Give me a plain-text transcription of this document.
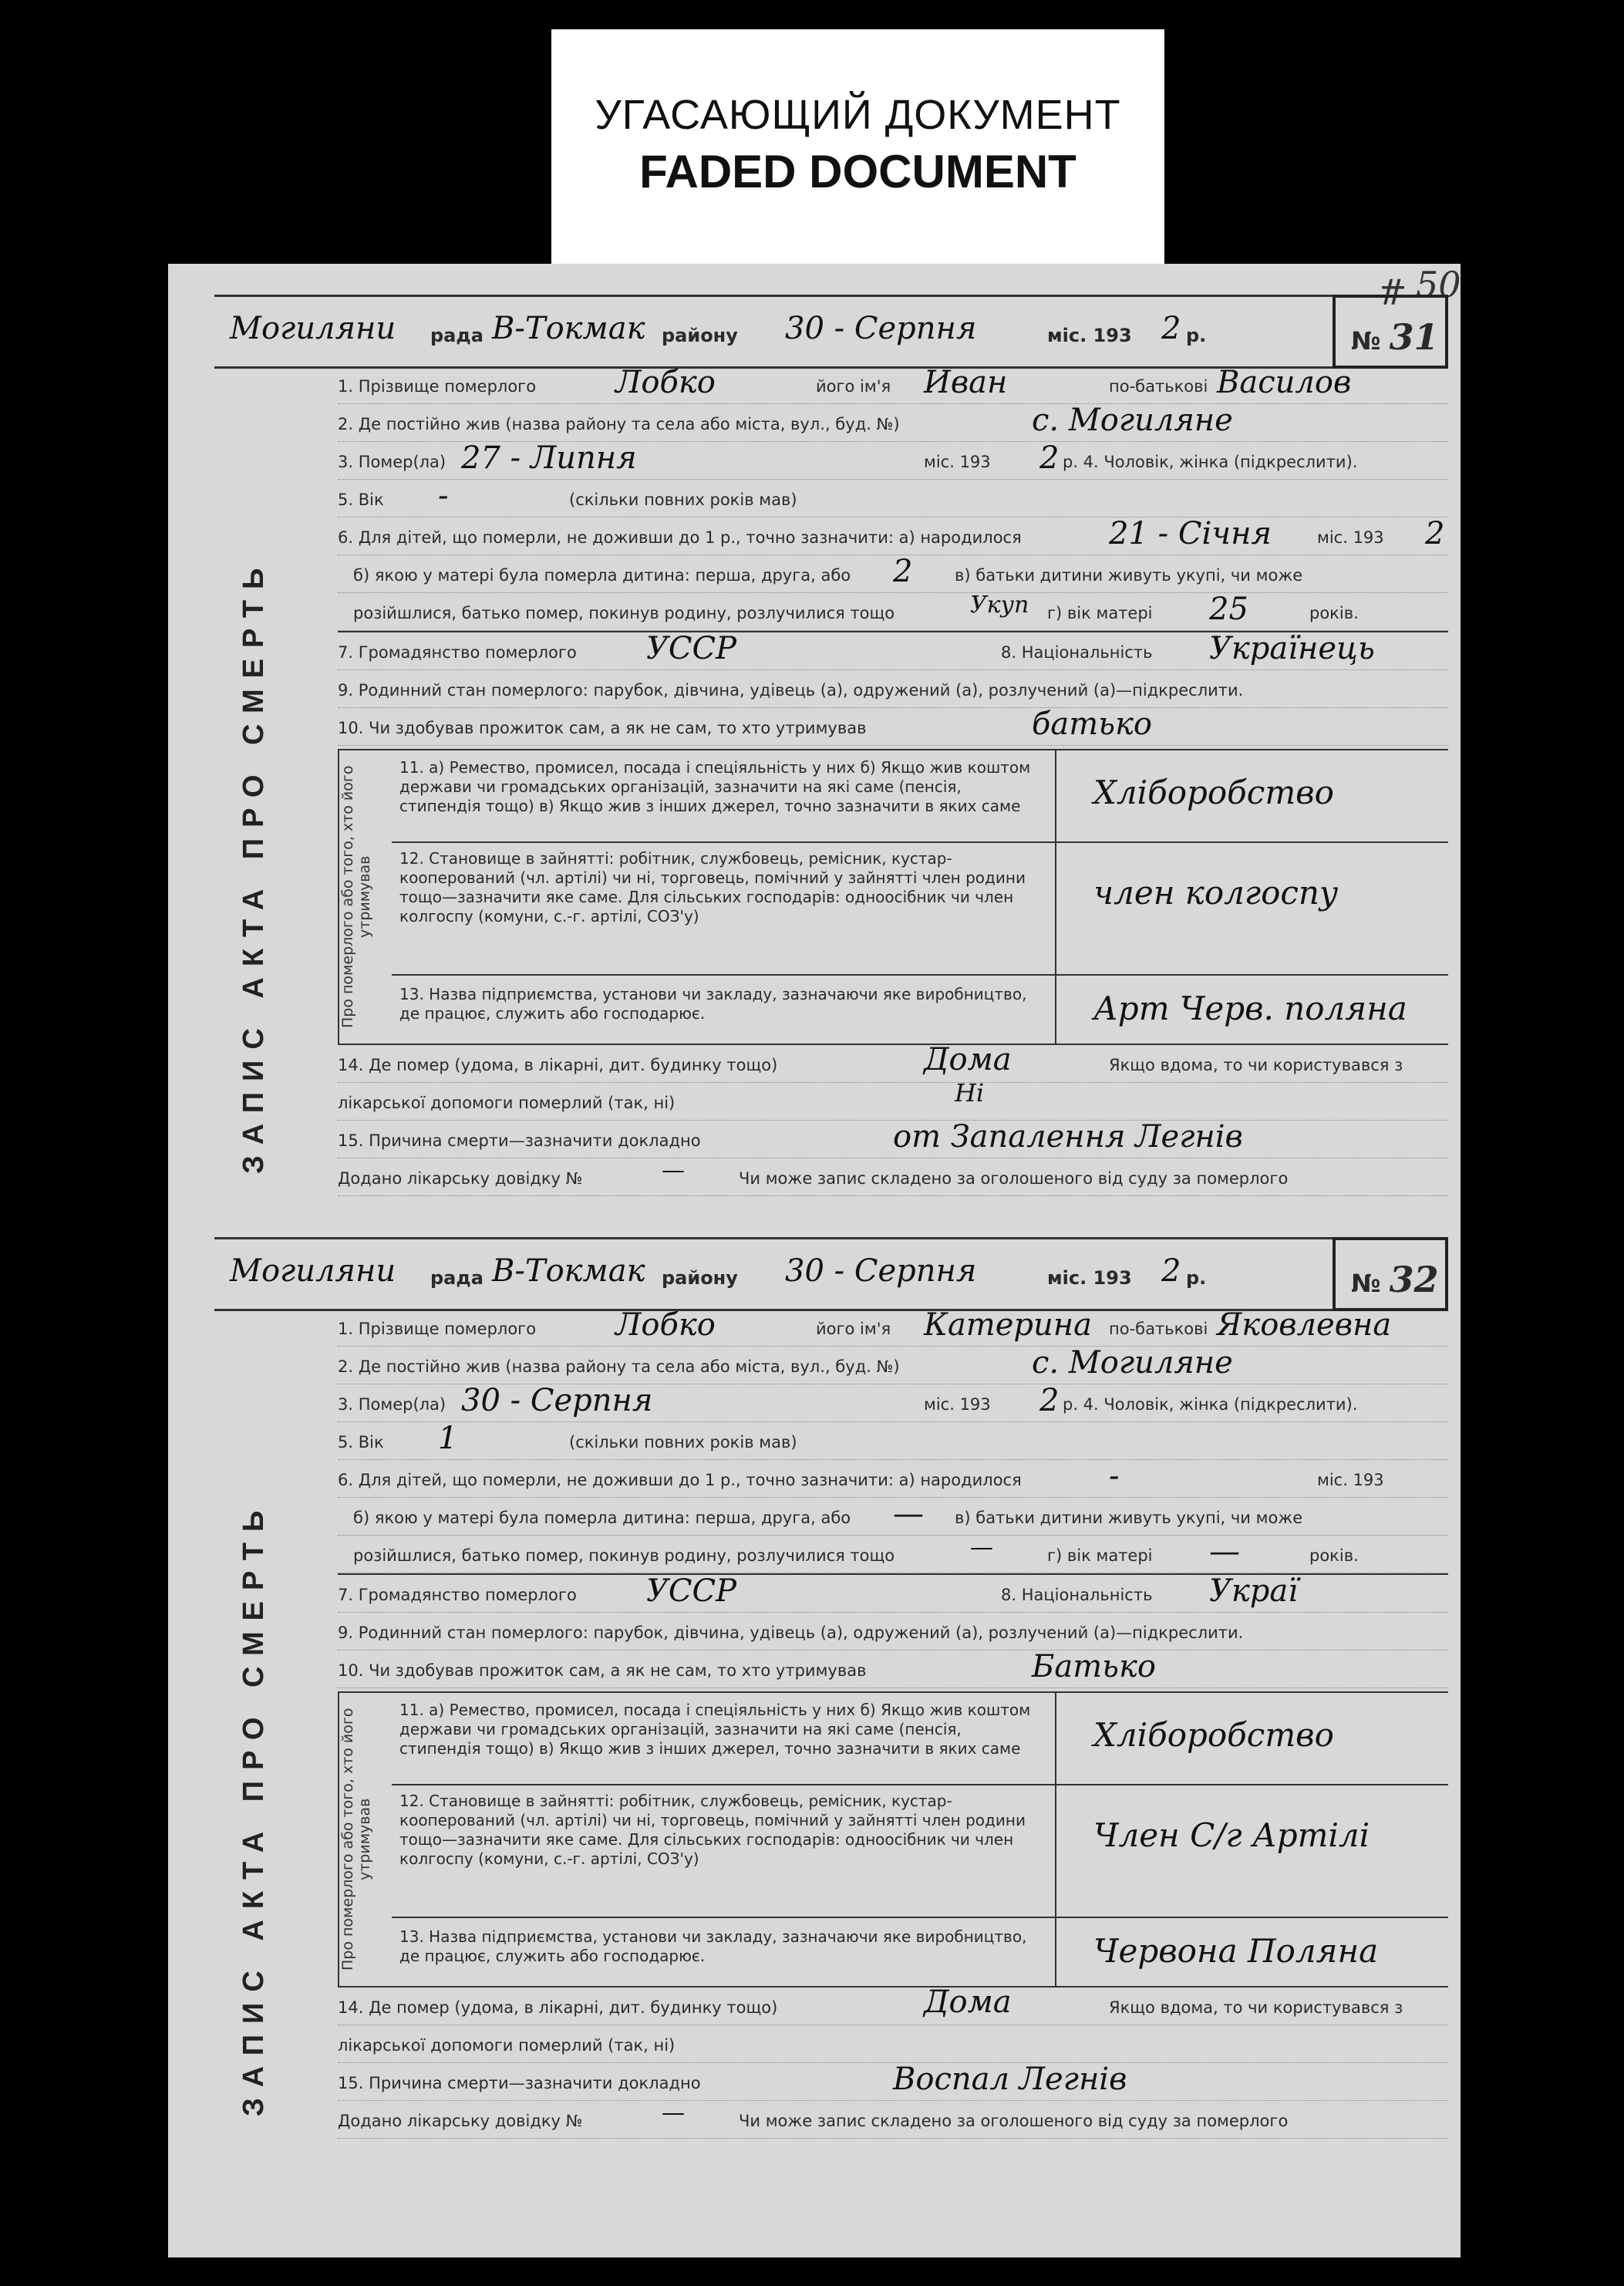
УГАСАЮЩИЙ ДОКУМЕНТ
FADED DOCUMENT
# 50
Могиляни рада В-Токмак району 30 - Серпня	міс. 193 2 р.	№ 31
ЗАПИС АКТА ПРО СМЕРТЬ
1. Прізвище померлого	Лобко	його ім'я Иван	по-батькові Василов
2. Де постійно жив (назва району та села або міста, вул., буд. №)	с. Могиляне
3. Помер(ла) 27 - Липня	міс. 193 2 р. 4. Чоловік, жінка (підкреслити).
5. Вік -	(скільки повних років мав)
6. Для дітей, що померли, не доживши до 1 р., точно зазначити: а) народилося	21 - Січня	міс. 193 2
б) якою у матері була померла дитина: перша, друга, або 2	в) батьки дитини живуть укупі, чи може
розійшлися, батько помер, покинув родину, розлучилися тощо	Укуп г) вік матері 25	років.
7. Громадянство померлого УССР	8. Національність Українець
9. Родинний стан померлого: парубок, дівчина, удівець (а), одружений (а), розлучений (а)—підкреслити.
10. Чи здобував прожиток сам, а як не сам, то хто утримував	батько
Про померлого або того, хто його утримував
11. а) Ремество, промисел, посада і спеціяльність у них б) Якщо жив коштом держави чи громадських організацій, зазначити на які саме (пенсія, стипендія тощо) в) Якщо жив з інших джерел, точно зазначити в яких саме	Хліборобство
12. Становище в зайнятті: робітник, службовець, ремісник, кустар-кооперований (чл. артілі) чи ні, торговець, помічний у зайнятті член родини тощо—зазначити яке саме. Для сільських господарів: одноосібник чи член колгоспу (комуни, с.-г. артілі, СОЗ'у)
член колгоспу
13. Назва підприємства, установи чи закладу, зазначаючи яке виробництво, де працює, служить або господарює.	Арт Черв. поляна
14. Де помер (удома, в лікарні, дит. будинку тощо)	Дома	Якщо вдома, то чи користувався з
лікарської допомоги померлий (так, ні)	Ні
15. Причина смерти—зазначити докладно	от Запалення Легнів
Додано лікарську довідку №	—	Чи може запис складено за оголошеного від суду за померлого
Могиляни рада В-Токмак району 30 - Серпня	міс. 193 2 р.	№ 32
ЗАПИС АКТА ПРО СМЕРТЬ
1. Прізвище померлого	Лобко	його ім'я Катерина по-батькові Яковлевна
2. Де постійно жив (назва району та села або міста, вул., буд. №)	с. Могиляне
3. Помер(ла) 30 - Серпня	міс. 193 2 р. 4. Чоловік, жінка (підкреслити).
5. Вік 1	(скільки повних років мав)
6. Для дітей, що померли, не доживши до 1 р., точно зазначити: а) народилося	-	міс. 193
б) якою у матері була померла дитина: перша, друга, або — в) батьки дитини живуть укупі, чи може
розійшлися, батько помер, покинув родину, розлучилися тощо	—	г) вік матері —	років.
7. Громадянство померлого УССР	8. Національність Украї
9. Родинний стан померлого: парубок, дівчина, удівець (а), одружений (а), розлучений (а)—підкреслити.
10. Чи здобував прожиток сам, а як не сам, то хто утримував	Батько
Про померлого або того, хто його утримував
11. а) Ремество, промисел, посада і спеціяльність у них б) Якщо жив коштом держави чи громадських організацій, зазначити на які саме (пенсія, стипендія тощо) в) Якщо жив з інших джерел, точно зазначити в яких саме	Хліборобство
12. Становище в зайнятті: робітник, службовець, ремісник, кустар-кооперований (чл. артілі) чи ні, торговець, помічний у зайнятті член родини тощо—зазначити яке саме. Для сільських господарів: одноосібник чи член колгоспу (комуни, с.-г. артілі, СОЗ'у)
Член С/г Артілі
13. Назва підприємства, установи чи закладу, зазначаючи яке виробництво, де працює, служить або господарює.	Червона Поляна
14. Де помер (удома, в лікарні, дит. будинку тощо)	Дома	Якщо вдома, то чи користувався з
лікарської допомоги померлий (так, ні)
15. Причина смерти—зазначити докладно	Воспал Легнів
Додано лікарську довідку №	—	Чи може запис складено за оголошеного від суду за померлого
